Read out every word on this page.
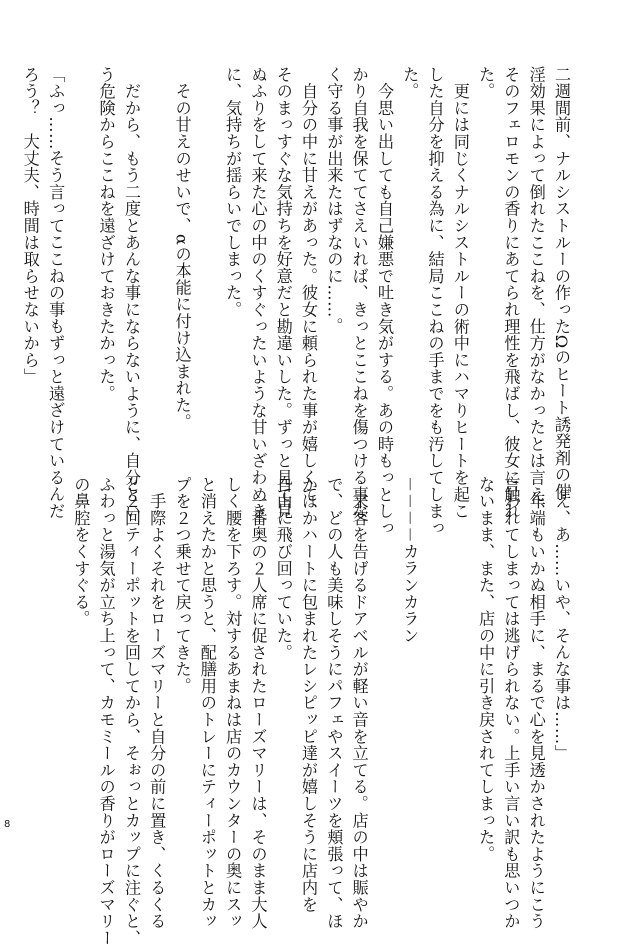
二週間前、ナルシストルーの作ったΩのヒート誘発剤の催

淫効果によって倒れたここねを、仕方がなかったとは言え、

そのフェロモンの香りにあてられ理性を飛ばし、彼女に触れ

た。

　更には同じくナルシストルーの術中にハマりヒートを起こ

した自分を抑える為に、結局ここねの手までをも汚してしまっ

た。

　今思い出しても自己嫌悪で吐き気がする。あの時もっとしっ

かり自我を保ててさえいれば、きっとここねを傷つける事な

く守る事が出来たはずなのに……。

　自分の中に甘えがあった。彼女に頼られた事が嬉しくて、

そのまっすぐな気持ちを好意だと勘違いした。ずっと見て見

ぬふりをして来た心の中のくすぐったいような甘いざわめき

に、気持ちが揺らいでしまった。

　その甘えのせいで、αの本能に付け込まれた。

　だから、もう二度とあんな事にならないように、自分とい

う危険からここねを遠ざけておきたかった。

「ふっ……そう言ってここねの事もずっと遠ざけているんだ

ろう？　大丈夫、時間は取らせないから」

「え、あ……いや、そんな事は……」

　年端もいかぬ相手に、まるで心を見透かされたようにこう

言われてしまっては逃げられない。上手い言い訳も思いつか

ないまま、また、店の中に引き戻されてしまった。

－－－－カランカラン

　来客を告げるドアベルが軽い音を立てる。店の中は賑やか

で、どの人も美味しそうにパフェやスイーツを頬張って、ほ

かほかハートに包まれたレシピッピ達が嬉しそうに店内を

自由に飛び回っていた。

　一番奥の２人席に促されたローズマリーは、そのまま大人

しく腰を下ろす。対するあまねは店のカウンターの奥にスッ

と消えたかと思うと、配膳用のトレーにティーポットとカッ

プを２つ乗せて戻ってきた。

　手際よくそれをローズマリーと自分の前に置き、くるくる

と２回ティーポットを回してから、そぉっとカップに注ぐと、

ふわっと湯気が立ち上って、カモミールの香りがローズマリー

の鼻腔をくすぐる。

8
